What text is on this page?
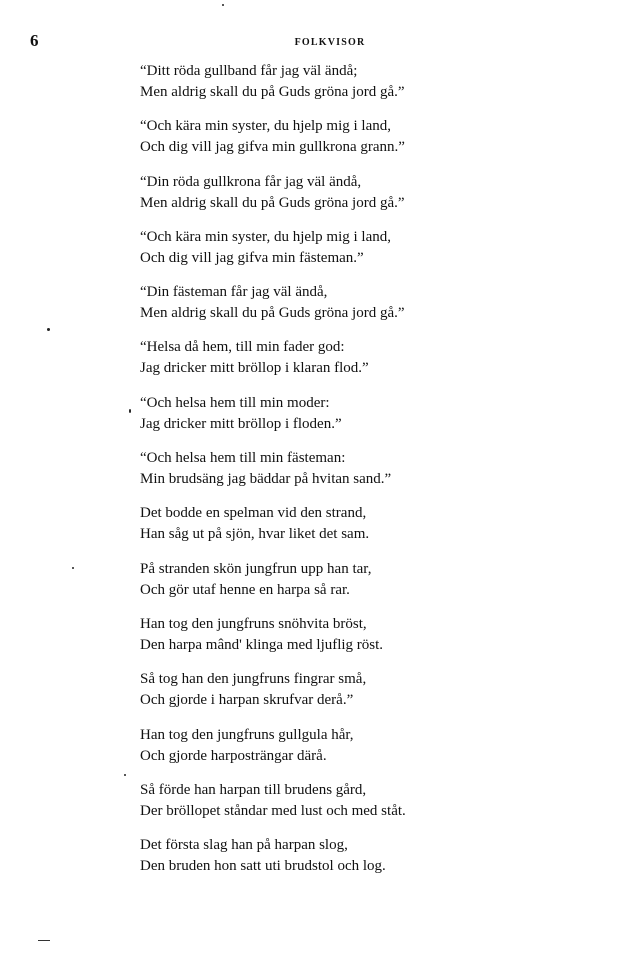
6	FOLKVISOR
“Ditt röda gullband får jag väl ändå;
Men aldrig skall du på Guds gröna jord gå.”
“Och kära min syster, du hjelp mig i land,
Och dig vill jag gifva min gullkrona grann.”
“Din röda gullkrona får jag väl ändå,
Men aldrig skall du på Guds gröna jord gå.”
“Och kära min syster, du hjelp mig i land,
Och dig vill jag gifva min fästeman.”
“Din fästeman får jag väl ändå,
Men aldrig skall du på Guds gröna jord gå.”
“Helsa då hem, till min fader god:
Jag dricker mitt bröllop i klaran flod.”
“Och helsa hem till min moder:
Jag dricker mitt bröllop i floden.”
“Och helsa hem till min fästeman:
Min brudsäng jag bäddar på hvitan sand.”
Det bodde en spelman vid den strand,
Han såg ut på sjön, hvar liket det sam.
På stranden skön jungfrun upp han tar,
Och gör utaf henne en harpa så rar.
Han tog den jungfruns snöhvita bröst,
Den harpa mând' klinga med ljuflig röst.
Så tog han den jungfruns fingrar små,
Och gjorde i harpan skrufvar derå.”
Han tog den jungfruns gullgula hår,
Och gjorde harposträngar därå.
Så förde han harpan till brudens gård,
Der bröllopet ståndar med lust och med ståt.
Det första slag han på harpan slog,
Den bruden hon satt uti brudstol och log.
